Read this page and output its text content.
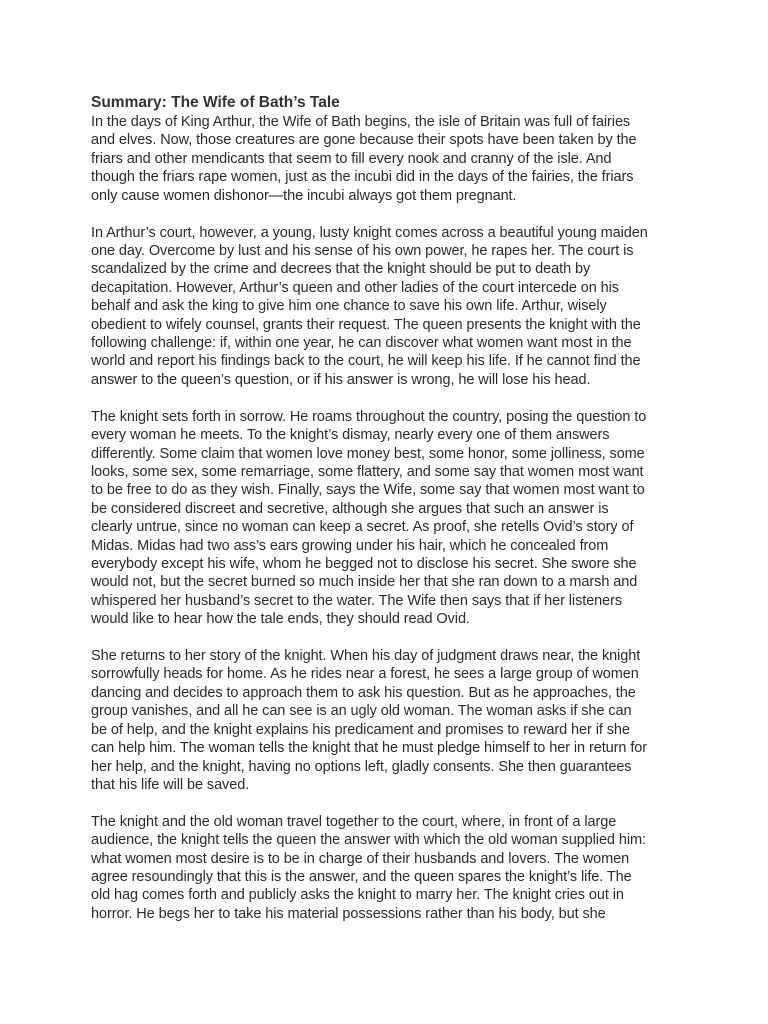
Summary: The Wife of Bath’s Tale

In the days of King Arthur, the Wife of Bath begins, the isle of Britain was full of fairies
and elves. Now, those creatures are gone because their spots have been taken by the
friars and other mendicants that seem to fill every nook and cranny of the isle. And
though the friars rape women, just as the incubi did in the days of the fairies, the friars
only cause women dishonor—the incubi always got them pregnant.

In Arthur’s court, however, a young, lusty knight comes across a beautiful young maiden
one day. Overcome by lust and his sense of his own power, he rapes her. The court is
scandalized by the crime and decrees that the knight should be put to death by
decapitation. However, Arthur’s queen and other ladies of the court intercede on his
behalf and ask the king to give him one chance to save his own life. Arthur, wisely
obedient to wifely counsel, grants their request. The queen presents the knight with the
following challenge: if, within one year, he can discover what women want most in the
world and report his findings back to the court, he will keep his life. If he cannot find the
answer to the queen’s question, or if his answer is wrong, he will lose his head.

The knight sets forth in sorrow. He roams throughout the country, posing the question to
every woman he meets. To the knight’s dismay, nearly every one of them answers
differently. Some claim that women love money best, some honor, some jolliness, some
looks, some sex, some remarriage, some flattery, and some say that women most want
to be free to do as they wish. Finally, says the Wife, some say that women most want to
be considered discreet and secretive, although she argues that such an answer is
clearly untrue, since no woman can keep a secret. As proof, she retells Ovid’s story of
Midas. Midas had two ass’s ears growing under his hair, which he concealed from
everybody except his wife, whom he begged not to disclose his secret. She swore she
would not, but the secret burned so much inside her that she ran down to a marsh and
whispered her husband’s secret to the water. The Wife then says that if her listeners
would like to hear how the tale ends, they should read Ovid.

She returns to her story of the knight. When his day of judgment draws near, the knight
sorrowfully heads for home. As he rides near a forest, he sees a large group of women
dancing and decides to approach them to ask his question. But as he approaches, the
group vanishes, and all he can see is an ugly old woman. The woman asks if she can
be of help, and the knight explains his predicament and promises to reward her if she
can help him. The woman tells the knight that he must pledge himself to her in return for
her help, and the knight, having no options left, gladly consents. She then guarantees
that his life will be saved.

The knight and the old woman travel together to the court, where, in front of a large
audience, the knight tells the queen the answer with which the old woman supplied him:
what women most desire is to be in charge of their husbands and lovers. The women
agree resoundingly that this is the answer, and the queen spares the knight’s life. The
old hag comes forth and publicly asks the knight to marry her. The knight cries out in
horror. He begs her to take his material possessions rather than his body, but she
